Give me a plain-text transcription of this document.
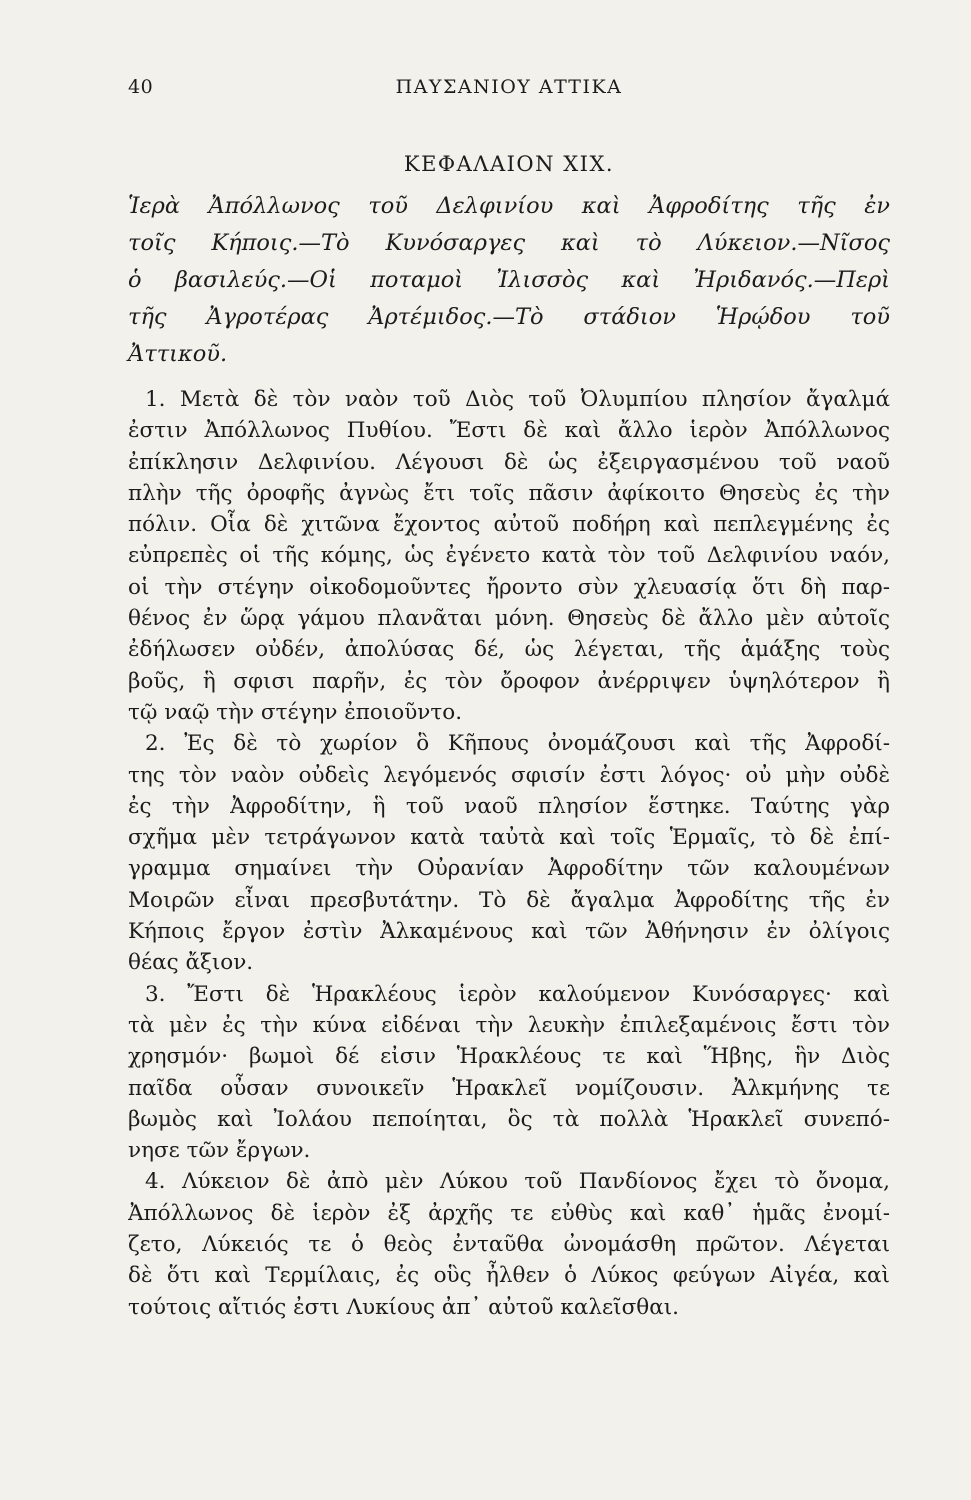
40	ΠΑΥΣΑΝΙΟΥ ΑΤΤΙΚΑ
ΚΕΦΑΛΑΙΟΝ ΧΙΧ.
Ἱερὰ Ἀπόλλωνος τοῦ Δελφινίου καὶ Ἀφροδίτης τῆς ἐν
τοῖς Κήποις.—Τὸ Κυνόσαργες καὶ τὸ Λύκειον.—Νῖσος
ὁ βασιλεύς.—Οἱ ποταμοὶ Ἰλισσὸς καὶ Ἠριδανός.—Περὶ
τῆς Ἀγροτέρας Ἀρτέμιδος.—Τὸ στάδιον Ἡρῴδου τοῦ
Ἀττικοῦ.
1. Μετὰ δὲ τὸν ναὸν τοῦ Διὸς τοῦ Ὀλυμπίου πλησίον ἄγαλμά
ἐστιν Ἀπόλλωνος Πυθίου. Ἔστι δὲ καὶ ἄλλο ἱερὸν Ἀπόλλωνος
ἐπίκλησιν Δελφινίου. Λέγουσι δὲ ὡς ἐξειργασμένου τοῦ ναοῦ
πλὴν τῆς ὀροφῆς ἀγνὼς ἔτι τοῖς πᾶσιν ἀφίκοιτο Θησεὺς ἐς τὴν
πόλιν. Οἷα δὲ χιτῶνα ἔχοντος αὐτοῦ ποδήρη καὶ πεπλεγμένης ἐς
εὐπρεπὲς οἱ τῆς κόμης, ὡς ἐγένετο κατὰ τὸν τοῦ Δελφινίου ναόν,
οἱ τὴν στέγην οἰκοδομοῦντες ἤροντο σὺν χλευασίᾳ ὅτι δὴ παρ-
θένος ἐν ὥρᾳ γάμου πλανᾶται μόνη. Θησεὺς δὲ ἄλλο μὲν αὐτοῖς
ἐδήλωσεν οὐδέν, ἀπολύσας δέ, ὡς λέγεται, τῆς ἁμάξης τοὺς
βοῦς, ἣ σφισι παρῆν, ἐς τὸν ὄροφον ἀνέρριψεν ὑψηλότερον ἢ
τῷ ναῷ τὴν στέγην ἐποιοῦντο.
2. Ἐς δὲ τὸ χωρίον ὃ Κῆπους ὀνομάζουσι καὶ τῆς Ἀφροδί-
της τὸν ναὸν οὐδεὶς λεγόμενός σφισίν ἐστι λόγος· οὐ μὴν οὐδὲ
ἐς τὴν Ἀφροδίτην, ἣ τοῦ ναοῦ πλησίον ἕστηκε. Ταύτης γὰρ
σχῆμα μὲν τετράγωνον κατὰ ταὐτὰ καὶ τοῖς Ἑρμαῖς, τὸ δὲ ἐπί-
γραμμα σημαίνει τὴν Οὐρανίαν Ἀφροδίτην τῶν καλουμένων
Μοιρῶν εἶναι πρεσβυτάτην. Τὸ δὲ ἄγαλμα Ἀφροδίτης τῆς ἐν
Κήποις ἔργον ἐστὶν Ἀλκαμένους καὶ τῶν Ἀθήνησιν ἐν ὀλίγοις
θέας ἄξιον.
3. Ἔστι δὲ Ἡρακλέους ἱερὸν καλούμενον Κυνόσαργες· καὶ
τὰ μὲν ἐς τὴν κύνα εἰδέναι τὴν λευκὴν ἐπιλεξαμένοις ἔστι τὸν
χρησμόν· βωμοὶ δέ εἰσιν Ἡρακλέους τε καὶ Ἥβης, ἣν Διὸς
παῖδα οὖσαν συνοικεῖν Ἡρακλεῖ νομίζουσιν. Ἀλκμήνης τε
βωμὸς καὶ Ἰολάου πεποίηται, ὃς τὰ πολλὰ Ἡρακλεῖ συνεπό-
νησε τῶν ἔργων.
4. Λύκειον δὲ ἀπὸ μὲν Λύκου τοῦ Πανδίονος ἔχει τὸ ὄνομα,
Ἀπόλλωνος δὲ ἱερὸν ἐξ ἀρχῆς τε εὐθὺς καὶ καθ᾽ ἡμᾶς ἐνομί-
ζετο, Λύκειός τε ὁ θεὸς ἐνταῦθα ὠνομάσθη πρῶτον. Λέγεται
δὲ ὅτι καὶ Τερμίλαις, ἐς οὓς ἦλθεν ὁ Λύκος φεύγων Αἰγέα, καὶ
τούτοις αἴτιός ἐστι Λυκίους ἀπ᾽ αὐτοῦ καλεῖσθαι.
